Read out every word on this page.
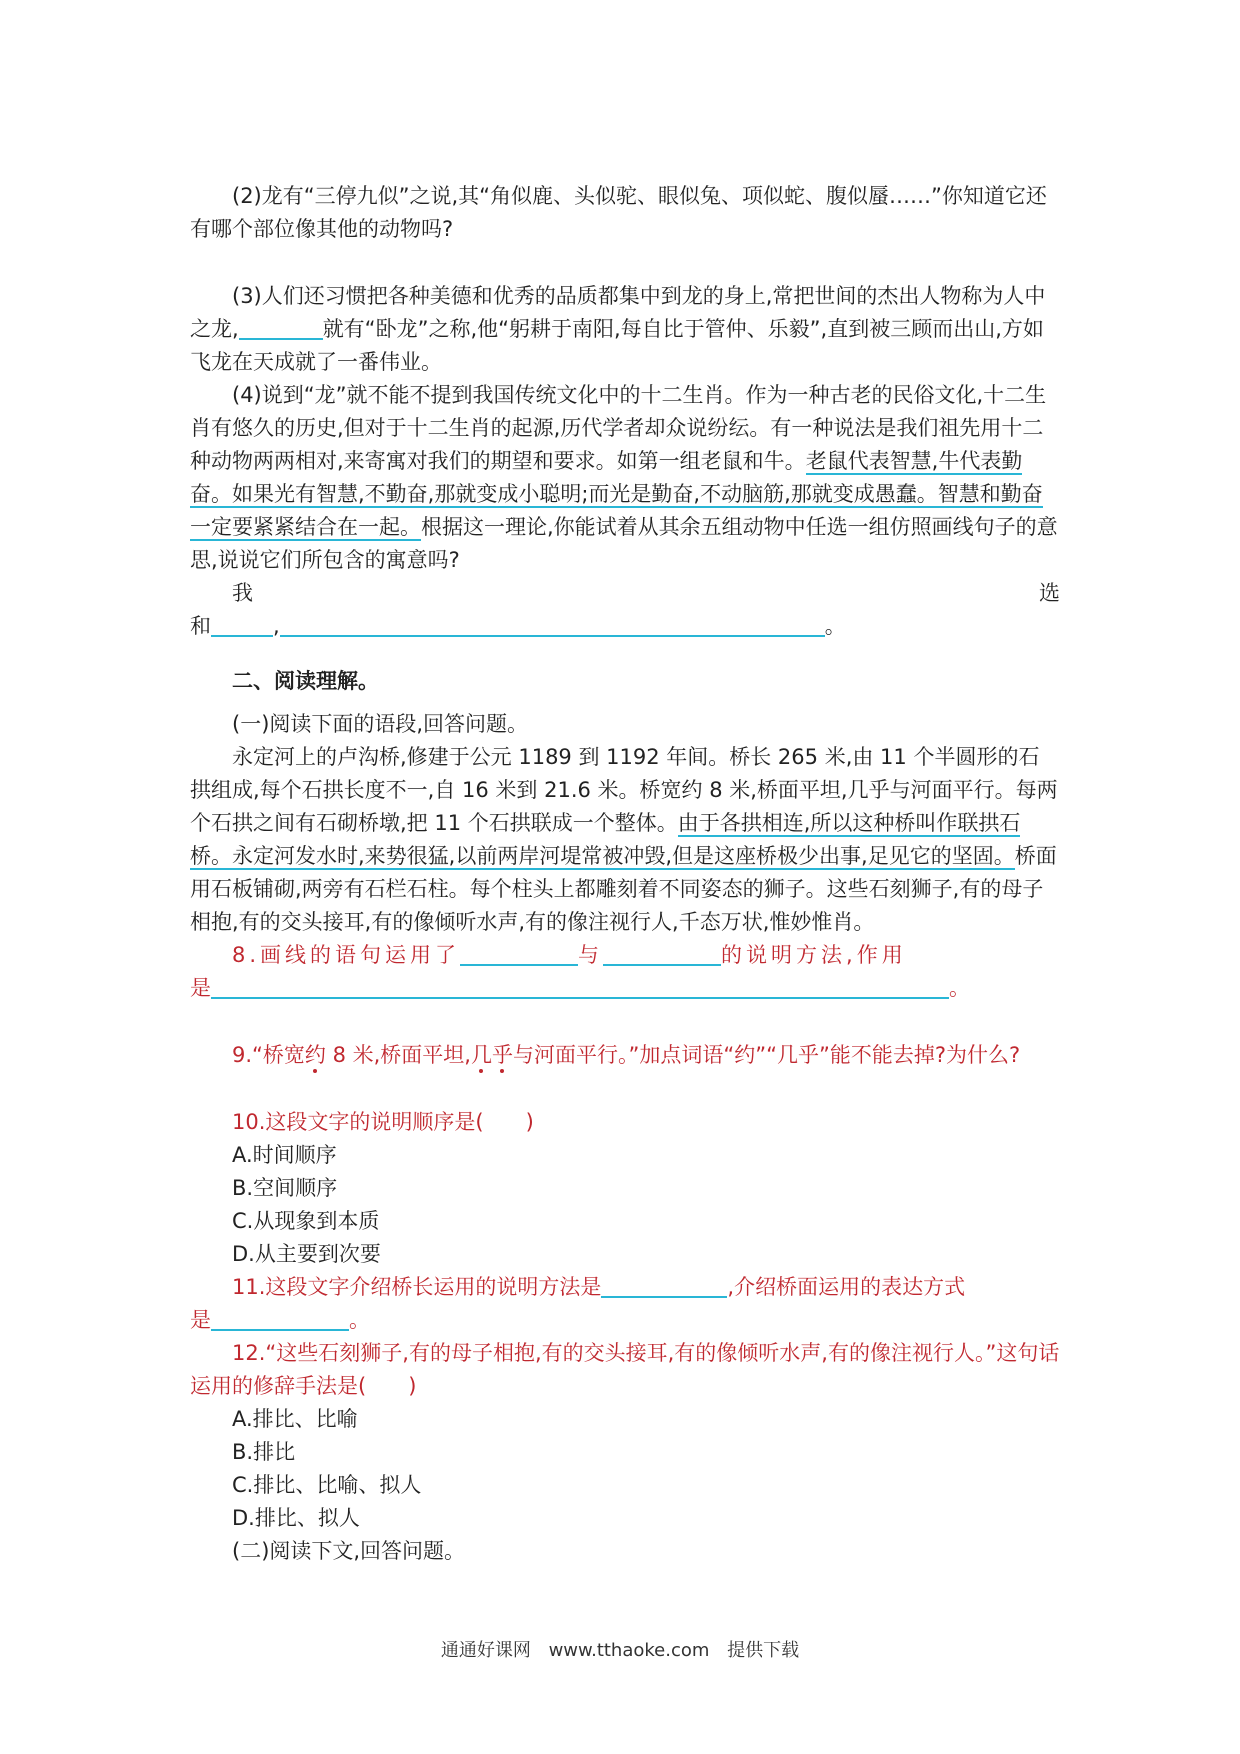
(2)龙有“三停九似”之说,其“角似鹿、头似驼、眼似兔、项似蛇、腹似蜃……”你知道它还有哪个部位像其他的动物吗?

(3)人们还习惯把各种美德和优秀的品质都集中到龙的身上,常把世间的杰出人物称为人中之龙,	就有“卧龙”之称,他“躬耕于南阳,每自比于管仲、乐毅”,直到被三顾而出山,方如飞龙在天成就了一番伟业。

(4)说到“龙”就不能不提到我国传统文化中的十二生肖。作为一种古老的民俗文化,十二生肖有悠久的历史,但对于十二生肖的起源,历代学者却众说纷纭。有一种说法是我们祖先用十二种动物两两相对,来寄寓对我们的期望和要求。如第一组老鼠和牛。老鼠代表智慧,牛代表勤奋。如果光有智慧,不勤奋,那就变成小聪明;而光是勤奋,不动脑筋,那就变成愚蠢。智慧和勤奋一定要紧紧结合在一起。根据这一理论,你能试着从其余五组动物中任选一组仿照画线句子的意思,说说它们所包含的寓意吗?

我	选

和	,	。

二、阅读理解。

(一)阅读下面的语段,回答问题。

永定河上的卢沟桥,修建于公元 1189 到 1192 年间。桥长 265 米,由 11 个半圆形的石拱组成,每个石拱长度不一,自 16 米到 21.6 米。桥宽约 8 米,桥面平坦,几乎与河面平行。每两个石拱之间有石砌桥墩,把 11 个石拱联成一个整体。由于各拱相连,所以这种桥叫作联拱石桥。永定河发水时,来势很猛,以前两岸河堤常被冲毁,但是这座桥极少出事,足见它的坚固。桥面用石板铺砌,两旁有石栏石柱。每个柱头上都雕刻着不同姿态的狮子。这些石刻狮子,有的母子相抱,有的交头接耳,有的像倾听水声,有的像注视行人,千态万状,惟妙惟肖。

8.画线的语句运用了	与	的说明方法,作用

是	。

9.“桥宽约 8 米,桥面平坦,几乎与河面平行。”加点词语“约”“几乎”能不能去掉?为什么?

10.这段文字的说明顺序是(　　)

A.时间顺序

B.空间顺序

C.从现象到本质

D.从主要到次要

11.这段文字介绍桥长运用的说明方法是	,介绍桥面运用的表达方式

是	。

12.“这些石刻狮子,有的母子相抱,有的交头接耳,有的像倾听水声,有的像注视行人。”这句话运用的修辞手法是(　　)

A.排比、比喻

B.排比

C.排比、比喻、拟人

D.排比、拟人

(二)阅读下文,回答问题。

通通好课网 www.tthaoke.com 提供下载
